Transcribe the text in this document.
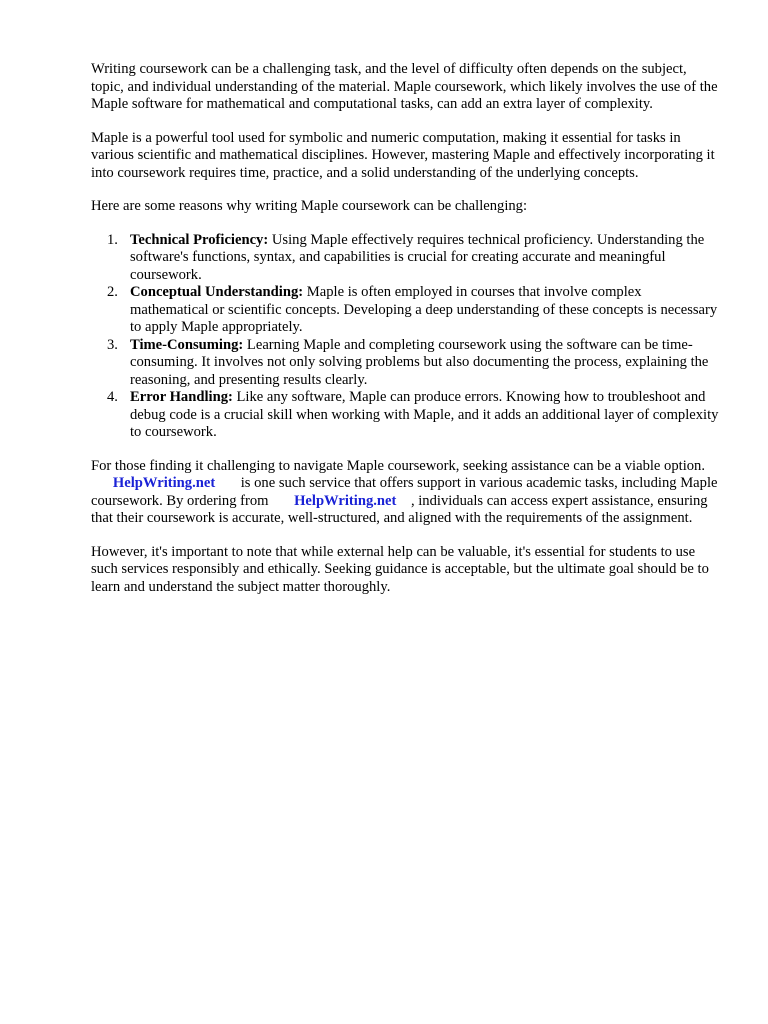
Writing coursework can be a challenging task, and the level of difficulty often depends on the subject, topic, and individual understanding of the material. Maple coursework, which likely involves the use of the Maple software for mathematical and computational tasks, can add an extra layer of complexity.

Maple is a powerful tool used for symbolic and numeric computation, making it essential for tasks in various scientific and mathematical disciplines. However, mastering Maple and effectively incorporating it into coursework requires time, practice, and a solid understanding of the underlying concepts.

Here are some reasons why writing Maple coursework can be challenging:

1. Technical Proficiency: Using Maple effectively requires technical proficiency. Understanding the software's functions, syntax, and capabilities is crucial for creating accurate and meaningful coursework.
2. Conceptual Understanding: Maple is often employed in courses that involve complex mathematical or scientific concepts. Developing a deep understanding of these concepts is necessary to apply Maple appropriately.
3. Time-Consuming: Learning Maple and completing coursework using the software can be time-consuming. It involves not only solving problems but also documenting the process, explaining the reasoning, and presenting results clearly.
4. Error Handling: Like any software, Maple can produce errors. Knowing how to troubleshoot and debug code is a crucial skill when working with Maple, and it adds an additional layer of complexity to coursework.

For those finding it challenging to navigate Maple coursework, seeking assistance can be a viable option.       HelpWriting.net is one such service that offers support in various academic tasks, including Maple coursework. By ordering from HelpWriting.net , individuals can access expert assistance, ensuring that their coursework is accurate, well-structured, and aligned with the requirements of the assignment.

However, it's important to note that while external help can be valuable, it's essential for students to use such services responsibly and ethically. Seeking guidance is acceptable, but the ultimate goal should be to learn and understand the subject matter thoroughly.
